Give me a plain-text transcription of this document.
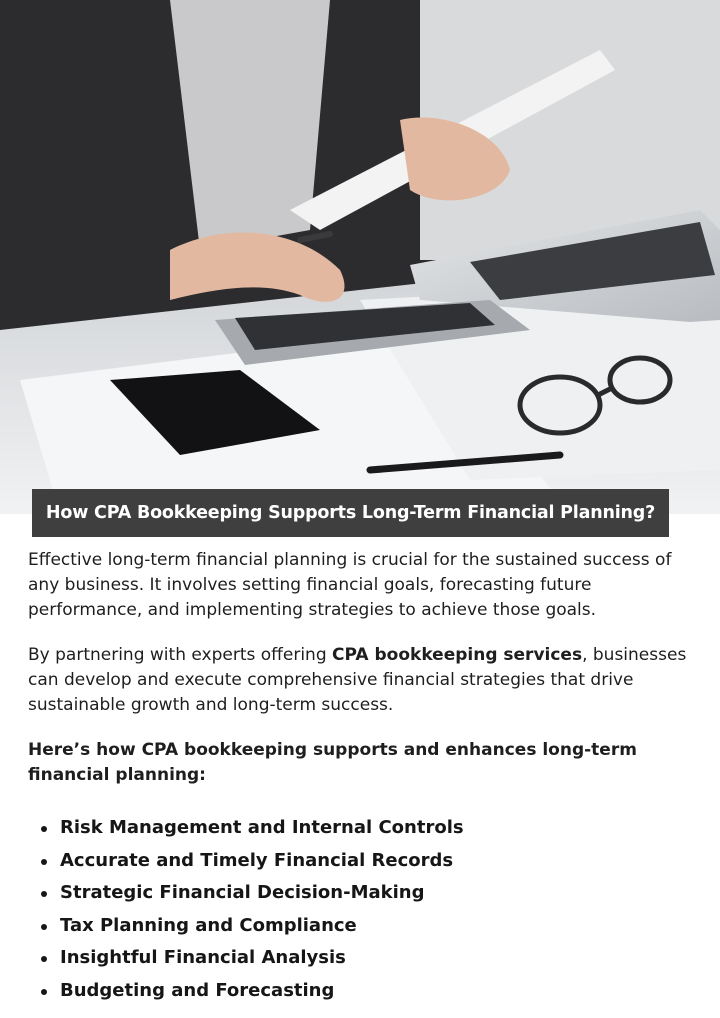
How CPA Bookkeeping Supports Long-Term Financial Planning?

Effective long-term financial planning is crucial for the sustained success of any business. It involves setting financial goals, forecasting future performance, and implementing strategies to achieve those goals.

By partnering with experts offering CPA bookkeeping services, businesses can develop and execute comprehensive financial strategies that drive sustainable growth and long-term success.

Here’s how CPA bookkeeping supports and enhances long-term financial planning:

Risk Management and Internal Controls
Accurate and Timely Financial Records
Strategic Financial Decision-Making
Tax Planning and Compliance
Insightful Financial Analysis
Budgeting and Forecasting
